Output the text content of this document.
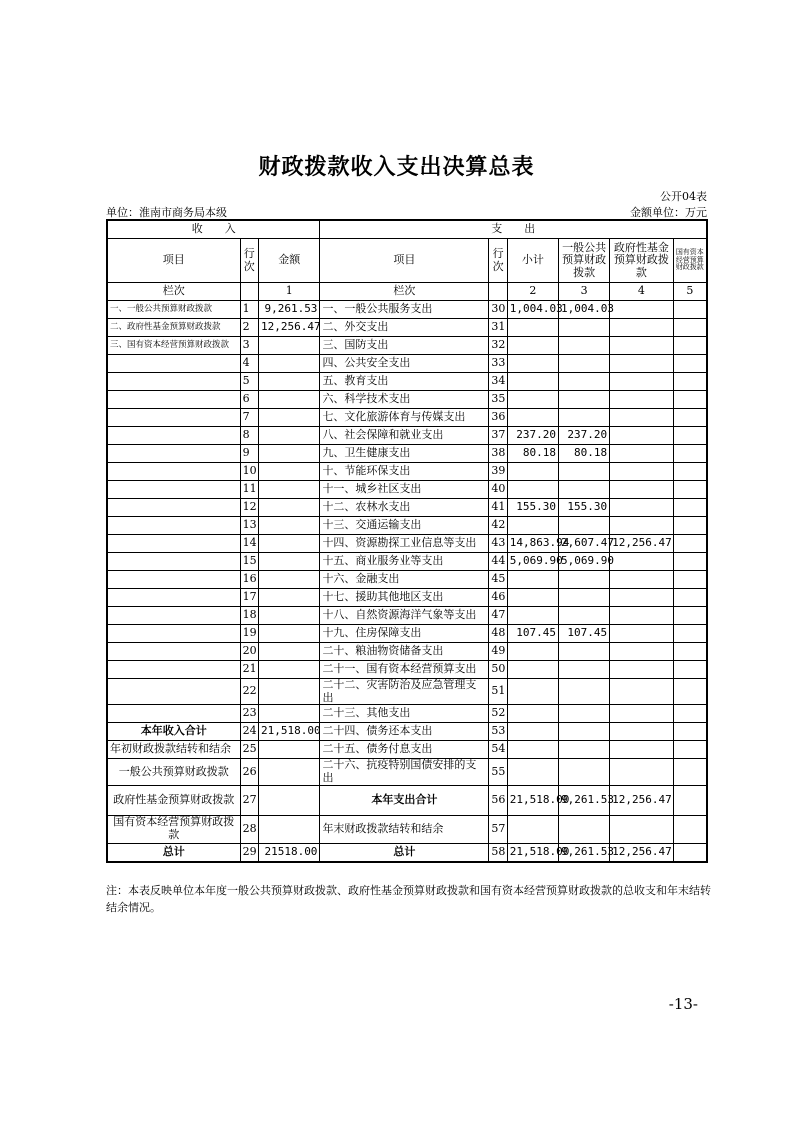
财政拨款收入支出决算总表
公开04表
单位：淮南市商务局本级	金额单位：万元
收　　入			支　　出					
项目	行次	金额	项目	行次	小计	一般公共预算财政拨款	政府性基金预算财政拨款	国有资本经营预算财政拨款
栏次		1	栏次		2	3	4	5
一、一般公共预算财政拨款	1	9,261.53	一、一般公共服务支出	30	1,004.03	1,004.03		
二、政府性基金预算财政拨款	2	12,256.47	二、外交支出	31				
三、国有资本经营预算财政拨款	3		三、国防支出	32				
	4		四、公共安全支出	33				
	5		五、教育支出	34				
	6		六、科学技术支出	35				
	7		七、文化旅游体育与传媒支出	36				
	8		八、社会保障和就业支出	37	237.20	237.20		
	9		九、卫生健康支出	38	80.18	80.18		
	10		十、节能环保支出	39				
	11		十一、城乡社区支出	40				
	12		十二、农林水支出	41	155.30	155.30		
	13		十三、交通运输支出	42				
	14		十四、资源勘探工业信息等支出	43	14,863.94	2,607.47	12,256.47	
	15		十五、商业服务业等支出	44	5,069.90	5,069.90		
	16		十六、金融支出	45				
	17		十七、援助其他地区支出	46				
	18		十八、自然资源海洋气象等支出	47				
	19		十九、住房保障支出	48	107.45	107.45		
	20		二十、粮油物资储备支出	49				
	21		二十一、国有资本经营预算支出	50				
	22		二十二、灾害防治及应急管理支出	51				
	23		二十三、其他支出	52				
本年收入合计	24	21,518.00	二十四、债务还本支出	53				
年初财政拨款结转和结余	25		二十五、债务付息支出	54				
一般公共预算财政拨款	26		二十六、抗疫特别国债安排的支出	55				
政府性基金预算财政拨款	27		本年支出合计	56	21,518.00	9,261.53	12,256.47	
国有资本经营预算财政拨款	28		年末财政拨款结转和结余	57				
总计	29	21518.00	总计	58	21,518.00	9,261.53	12,256.47	
注：本表反映单位本年度一般公共预算财政拨款、政府性基金预算财政拨款和国有资本经营预算财政拨款的总收支和年末结转结余情况。
-13-
